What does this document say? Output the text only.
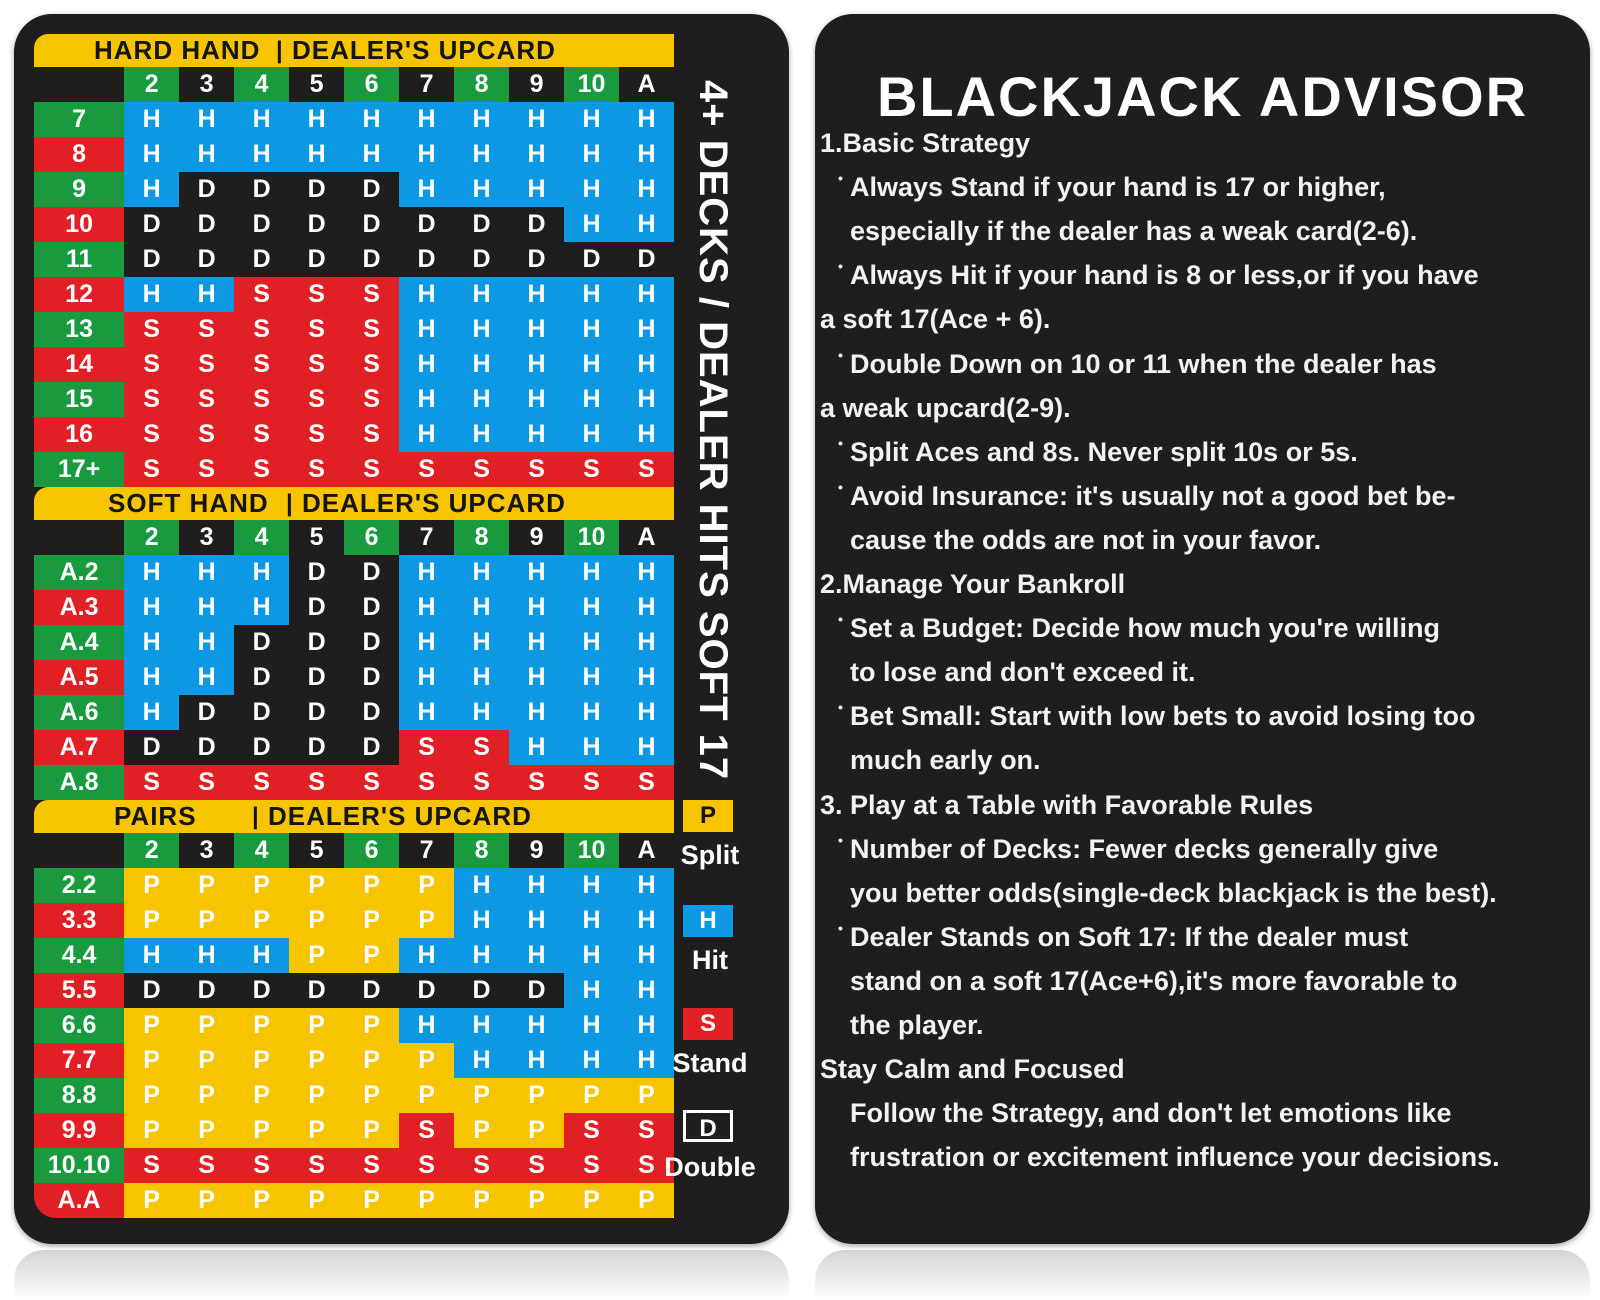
BLACKJACK ADVISOR
HARD HAND | DEALER'S UPCARD
2	3	4	5	6	7	8	9	10	A
7	H	H	H	H	H	H	H	H	H	H
8	H	H	H	H	H	H	H	H	H	H
9	H	D	D	D	D	H	H	H	H	H
10	D	D	D	D	D	D	D	D	H	H
11	D	D	D	D	D	D	D	D	D	D
12	H	H	S	S	S	H	H	H	H	H
13	S	S	S	S	S	H	H	H	H	H
14	S	S	S	S	S	H	H	H	H	H
15	S	S	S	S	S	H	H	H	H	H
16	S	S	S	S	S	H	H	H	H	H
17+	S	S	S	S	S	S	S	S	S	S
SOFT HAND | DEALER'S UPCARD
2	3	4	5	6	7	8	9	10	A
A.2	H	H	H	D	D	H	H	H	H	H
A.3	H	H	H	D	D	H	H	H	H	H
A.4	H	H	D	D	D	H	H	H	H	H
A.5	H	H	D	D	D	H	H	H	H	H
A.6	H	D	D	D	D	H	H	H	H	H
A.7	D	D	D	D	D	S	S	H	H	H
A.8	S	S	S	S	S	S	S	S	S	S
PAIRS | DEALER'S UPCARD
2	3	4	5	6	7	8	9	10	A
2.2	P	P	P	P	P	P	H	H	H	H
3.3	P	P	P	P	P	P	H	H	H	H
4.4	H	H	H	P	P	H	H	H	H	H
5.5	D	D	D	D	D	D	D	D	H	H
6.6	P	P	P	P	P	H	H	H	H	H
7.7	P	P	P	P	P	P	H	H	H	H
8.8	P	P	P	P	P	P	P	P	P	P
9.9	P	P	P	P	P	S	P	P	S	S
10.10	S	S	S	S	S	S	S	S	S	S
A.A	P	P	P	P	P	P	P	P	P	P
4+ DECKS / DEALER HITS SOFT 17
P
Split
H
Hit
S
Stand
D
Double
1.Basic Strategy
• Always Stand if your hand is 17 or higher,
especially if the dealer has a weak card(2-6).
• Always Hit if your hand is 8 or less,or if you have
a soft 17(Ace + 6).
• Double Down on 10 or 11 when the dealer has
a weak upcard(2-9).
• Split Aces and 8s. Never split 10s or 5s.
• Avoid Insurance: it's usually not a good bet be-
cause the odds are not in your favor.
2.Manage Your Bankroll
• Set a Budget: Decide how much you're willing
to lose and don't exceed it.
• Bet Small: Start with low bets to avoid losing too
much early on.
3. Play at a Table with Favorable Rules
• Number of Decks: Fewer decks generally give
you better odds(single-deck blackjack is the best).
• Dealer Stands on Soft 17: If the dealer must
stand on a soft 17(Ace+6),it's more favorable to
the player.
Stay Calm and Focused
Follow the Strategy, and don't let emotions like
frustration or excitement influence your decisions.
